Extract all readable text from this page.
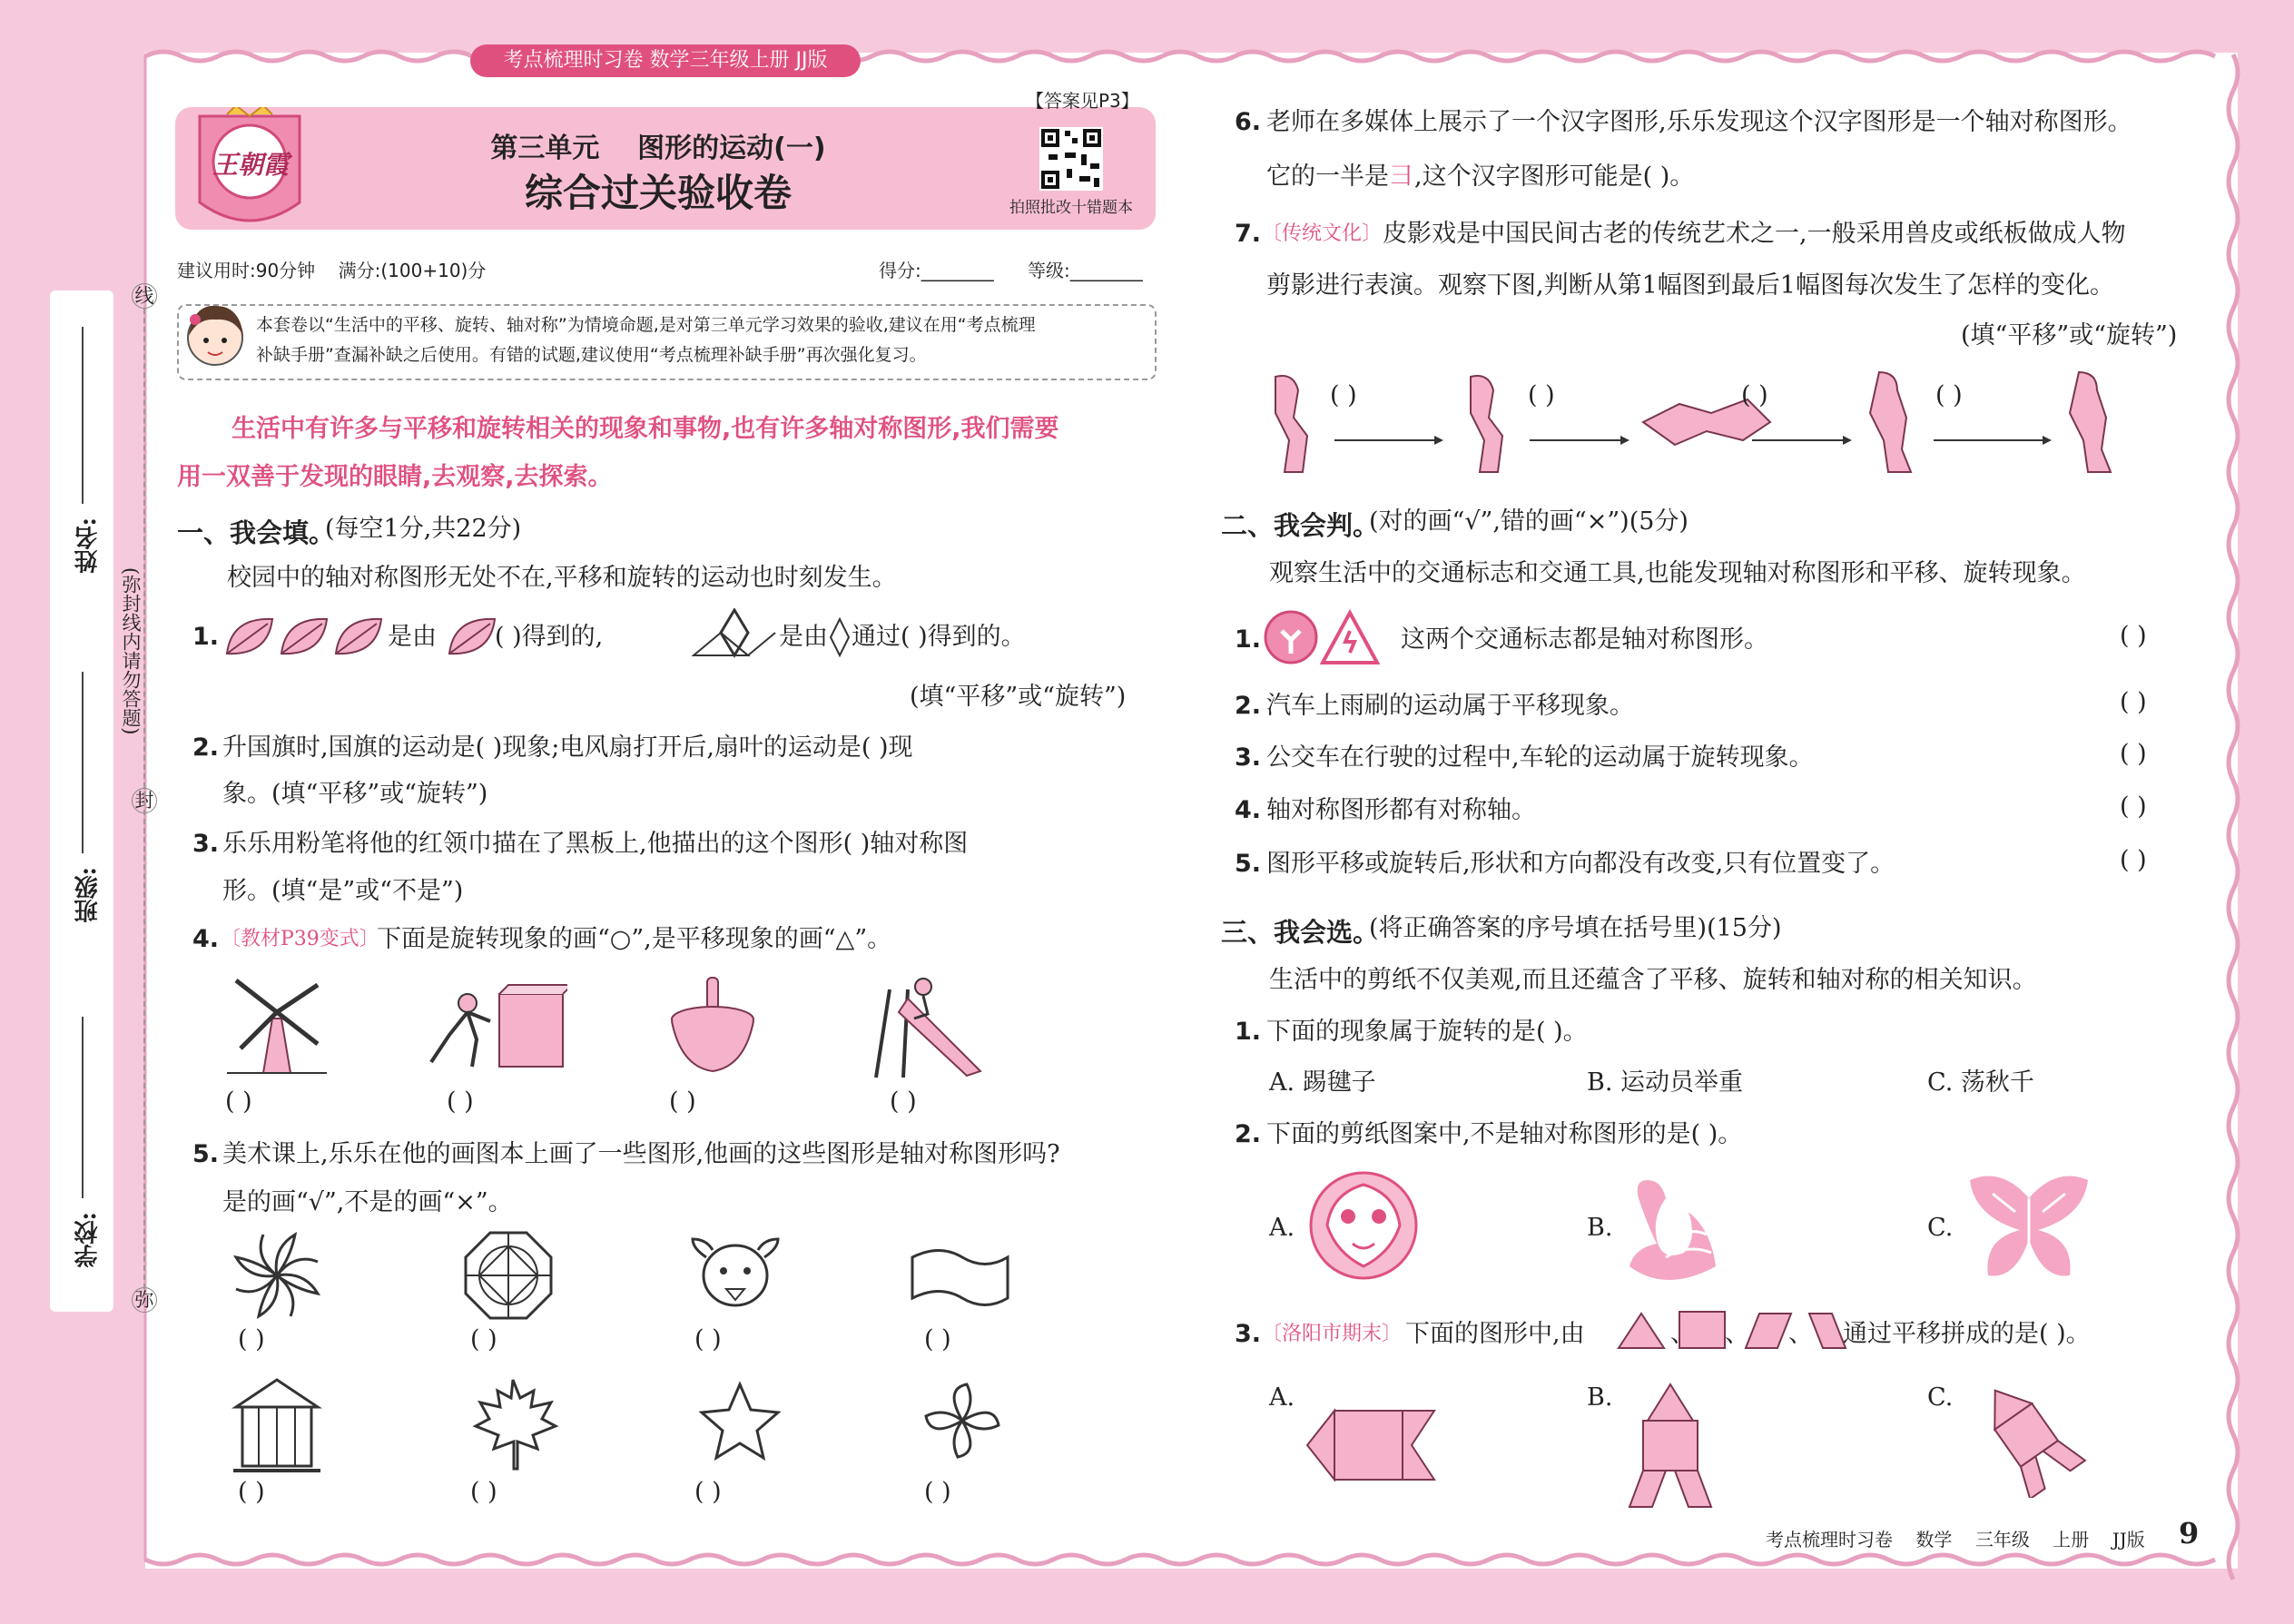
姓名:
班级:
学校:
(弥封线内请勿答题)
线
封
弥
考点梳理时习卷 数学三年级上册 JJ版
王朝霞
【答案见P3】
第三单元    图形的运动(一)
综合过关验收卷	拍照批改十错题本
建议用时:90分钟    满分:(100+10)分	得分:________ 等级:________
本套卷以“生活中的平移、旋转、轴对称”为情境命题,是对第三单元学习效果的验收,建议在用“考点梳理
补缺手册”查漏补缺之后使用。有错的试题,建议使用“考点梳理补缺手册”再次强化复习。
生活中有许多与平移和旋转相关的现象和事物,也有许多轴对称图形,我们需要
用一双善于发现的眼睛,去观察,去探索。
一、我会填。
(每空1分,共22分)
校园中的轴对称图形无处不在,平移和旋转的运动也时刻发生。
1.	是由 ( )得到的,	是由 通过( )得到的。
(填“平移”或“旋转”)
2. 升国旗时,国旗的运动是( )现象;电风扇打开后,扇叶的运动是( )现
象。(填“平移”或“旋转”)
3. 乐乐用粉笔将他的红领巾描在了黑板上,他描出的这个图形( )轴对称图
形。(填“是”或“不是”)
4. 〔教材P39变式〕
下面是旋转现象的画“○”,是平移现象的画“△”。
( )	( )	( )	( )
5. 美术课上,乐乐在他的画图本上画了一些图形,他画的这些图形是轴对称图形吗?
是的画“√”,不是的画“×”。
( )	( )	( )	( )
( )	( )	( )	( )
6. 老师在多媒体上展示了一个汉字图形,乐乐发现这个汉字图形是一个轴对称图形。
它的一半是 彐 ,这个汉字图形可能是( )。
7. 〔传统文化〕 皮影戏是中国民间古老的传统艺术之一,一般采用兽皮或纸板做成人物
剪影进行表演。观察下图,判断从第1幅图到最后1幅图每次发生了怎样的变化。
(填“平移”或“旋转”)
( )	( )	( )	( )
二、我会判。
(对的画“√”,错的画“×”)(5分)
观察生活中的交通标志和交通工具,也能发现轴对称图形和平移、旋转现象。
1.	这两个交通标志都是轴对称图形。	( )
2. 汽车上雨刷的运动属于平移现象。	( )
3. 公交车在行驶的过程中,车轮的运动属于旋转现象。	( )
4. 轴对称图形都有对称轴。	( )
5. 图形平移或旋转后,形状和方向都没有改变,只有位置变了。	( )
三、我会选。
(将正确答案的序号填在括号里)(15分)
生活中的剪纸不仅美观,而且还蕴含了平移、旋转和轴对称的相关知识。
1. 下面的现象属于旋转的是( )。
A. 踢毽子	B. 运动员举重	C. 荡秋千
2. 下面的剪纸图案中,不是轴对称图形的是( )。
A.	B.	C.
3. 〔洛阳市期末〕 下面的图形中,由	、 、 、 通过平移拼成的是( )。
A.	B.	C.
考点梳理时习卷    数学    三年级    上册    JJ版 9
